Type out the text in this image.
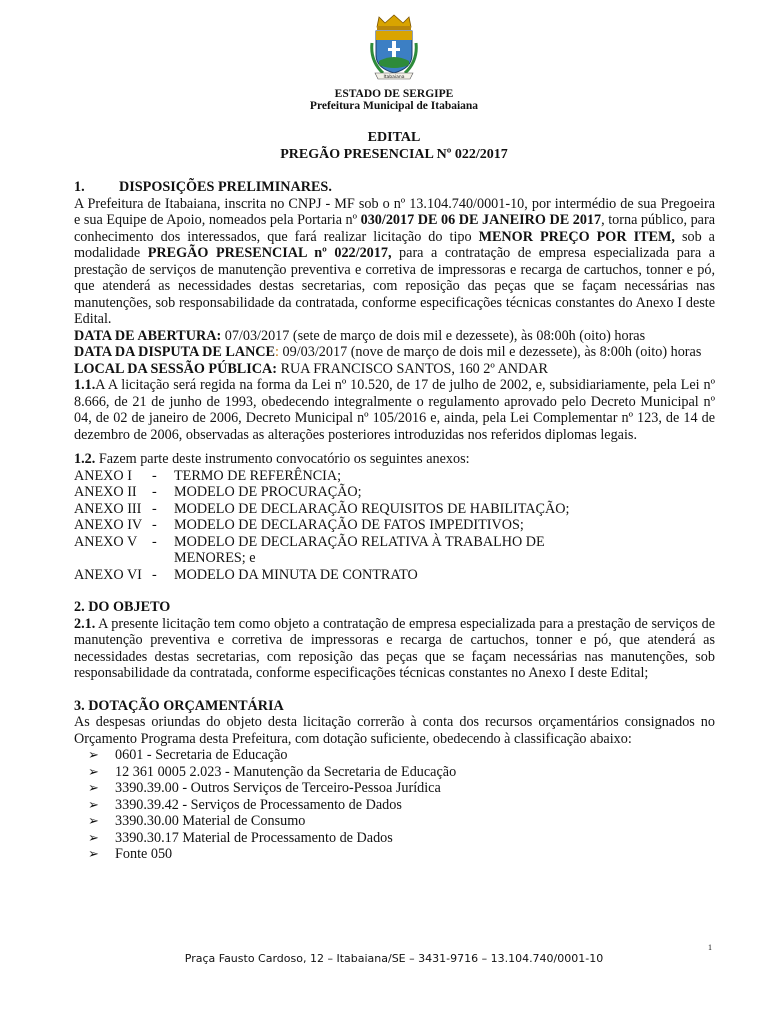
Itabaiana
ESTADO DE SERGIPE
Prefeitura Municipal de Itabaiana
EDITAL
PREGÃO PRESENCIAL Nº 022/2017
1.	DISPOSIÇÕES PRELIMINARES.

A Prefeitura de Itabaiana, inscrita no CNPJ - MF sob o nº 13.104.740/0001-10, por intermédio de sua Pregoeira e sua Equipe de Apoio, nomeados pela Portaria nº 030/2017 DE 06 DE JANEIRO DE 2017, torna público, para conhecimento dos interessados, que fará realizar licitação do tipo MENOR PREÇO POR ITEM, sob a modalidade PREGÃO PRESENCIAL nº 022/2017, para a contratação de empresa especializada para a prestação de serviços de manutenção preventiva e corretiva de impressoras e recarga de cartuchos, tonner e pó, que atenderá as necessidades destas secretarias, com reposição das peças que se façam necessárias nas manutenções, sob responsabilidade da contratada, conforme especificações técnicas constantes do Anexo I deste Edital.

DATA DE ABERTURA: 07/03/2017 (sete de março de dois mil e dezessete), às 08:00h (oito) horas

DATA DA DISPUTA DE LANCE: 09/03/2017 (nove de março de dois mil e dezessete), às 8:00h (oito) horas

LOCAL DA SESSÃO PÚBLICA: RUA FRANCISCO SANTOS, 160 2º ANDAR

1.1.A A licitação será regida na forma da Lei nº 10.520, de 17 de julho de 2002, e, subsidiariamente, pela Lei nº 8.666, de 21 de junho de 1993, obedecendo integralmente o regulamento aprovado pelo Decreto Municipal nº 04, de 02 de janeiro de 2006, Decreto Municipal nº 105/2016 e, ainda, pela Lei Complementar nº 123, de 14 de dezembro de 2006, observadas as alterações posteriores introduzidas nos referidos diplomas legais.

1.2. Fazem parte deste instrumento convocatório os seguintes anexos:

ANEXO I	-	TERMO DE REFERÊNCIA;
ANEXO II	-	MODELO DE PROCURAÇÃO;
ANEXO III -	MODELO DE DECLARAÇÃO REQUISITOS DE HABILITAÇÃO;
ANEXO IV -	MODELO DE DECLARAÇÃO DE FATOS IMPEDITIVOS;
ANEXO V	-	MODELO DE DECLARAÇÃO RELATIVA À TRABALHO DE MENORES; e
ANEXO VI -	MODELO DA MINUTA DE CONTRATO
2. DO OBJETO

2.1. A presente licitação tem como objeto a contratação de empresa especializada para a prestação de serviços de manutenção preventiva e corretiva de impressoras e recarga de cartuchos, tonner e pó, que atenderá as necessidades destas secretarias, com reposição das peças que se façam necessárias nas manutenções, sob responsabilidade da contratada, conforme especificações técnicas constantes no Anexo I deste Edital;

3. DOTAÇÃO ORÇAMENTÁRIA

As despesas oriundas do objeto desta licitação correrão à conta dos recursos orçamentários consignados no Orçamento Programa desta Prefeitura, com dotação suficiente, obedecendo à classificação abaixo:

➢	0601 - Secretaria de Educação
➢	12 361 0005 2.023 - Manutenção da Secretaria de Educação
➢	3390.39.00 - Outros Serviços de Terceiro-Pessoa Jurídica
➢	3390.39.42 - Serviços de Processamento de Dados
➢	3390.30.00 Material de Consumo
➢	3390.30.17 Material de Processamento de Dados
➢	Fonte 050
1
Praça Fausto Cardoso, 12 – Itabaiana/SE – 3431-9716 – 13.104.740/0001-10
